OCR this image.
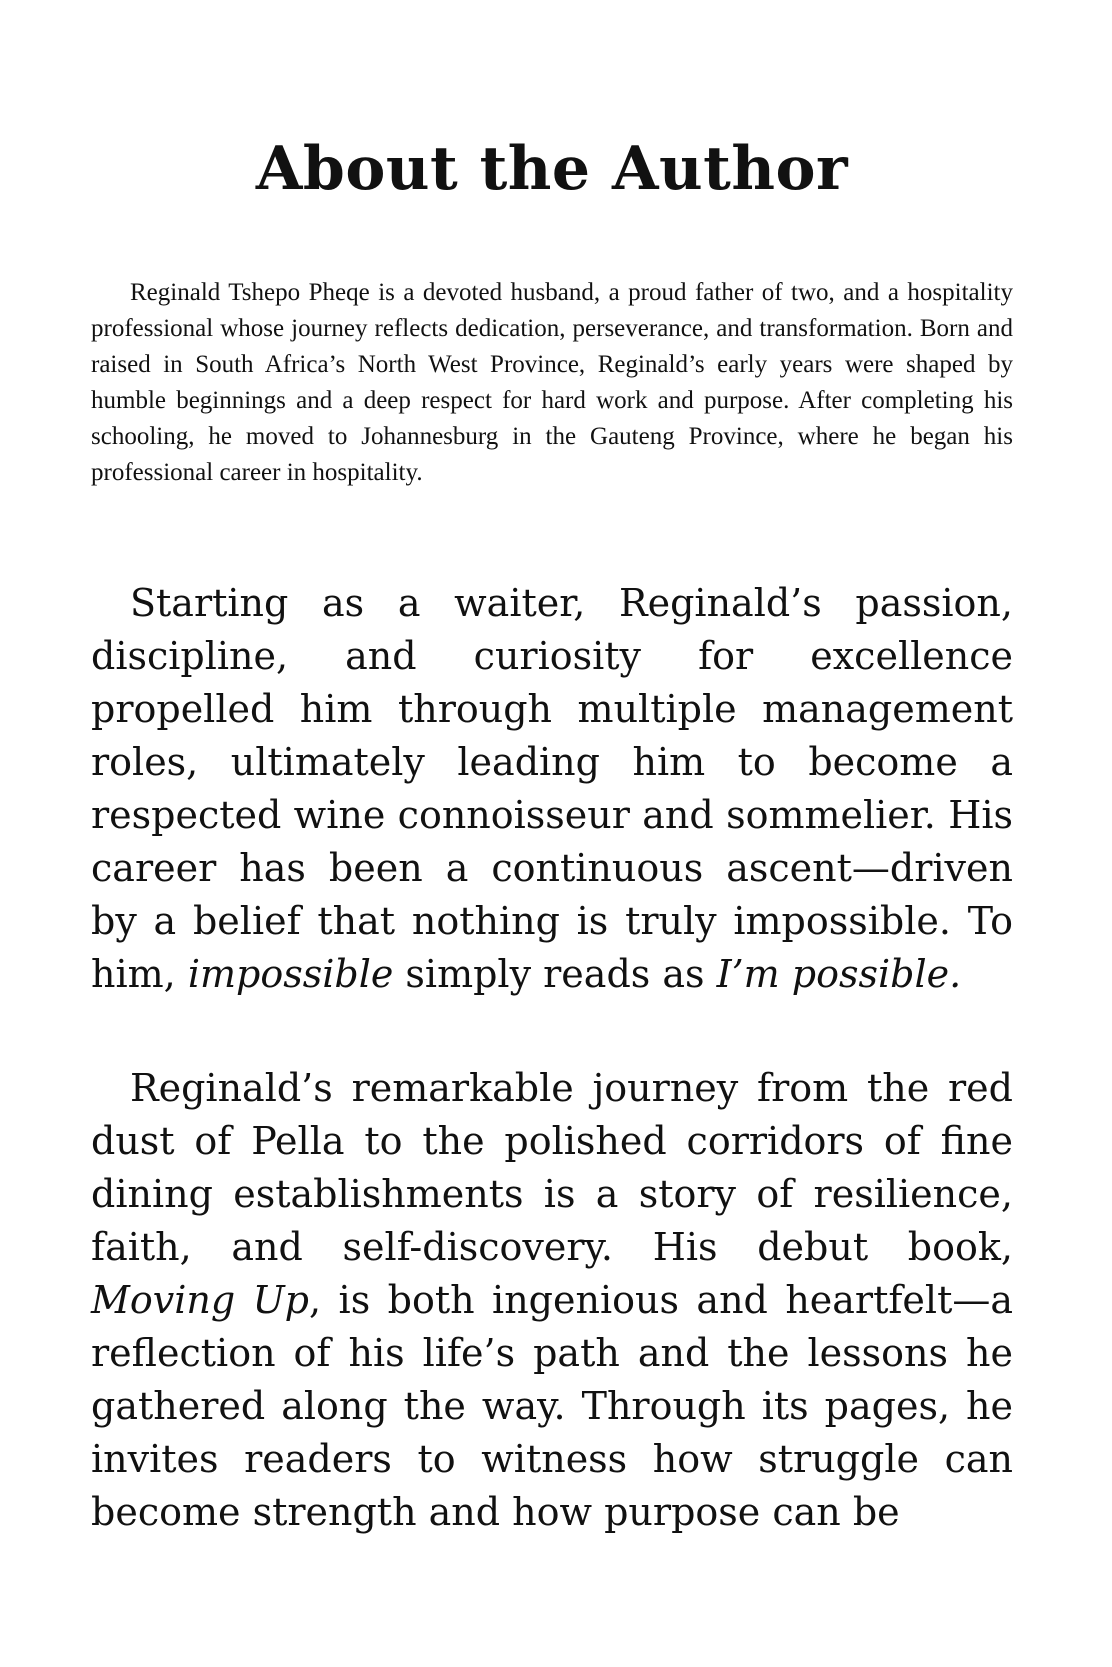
About the Author

Reginald Tshepo Pheqe is a devoted husband, a proud father of two, and a hospitality professional whose journey reflects dedication, perseverance, and transformation. Born and raised in South Africa’s North West Province, Reginald’s early years were shaped by humble beginnings and a deep respect for hard work and purpose. After completing his schooling, he moved to Johannesburg in the Gauteng Province, where he began his professional career in hospitality.

Starting as a waiter, Reginald’s passion, discipline, and curiosity for excellence propelled him through multiple management roles, ultimately leading him to become a respected wine connoisseur and sommelier. His career has been a continuous ascent—driven by a belief that nothing is truly impossible. To him, impossible simply reads as I’m possible.

Reginald’s remarkable journey from the red dust of Pella to the polished corridors of fine dining establishments is a story of resilience, faith, and self-discovery. His debut book, Moving Up, is both ingenious and heartfelt—a reflection of his life’s path and the lessons he gathered along the way. Through its pages, he invites readers to witness how struggle can become strength and how purpose can be
